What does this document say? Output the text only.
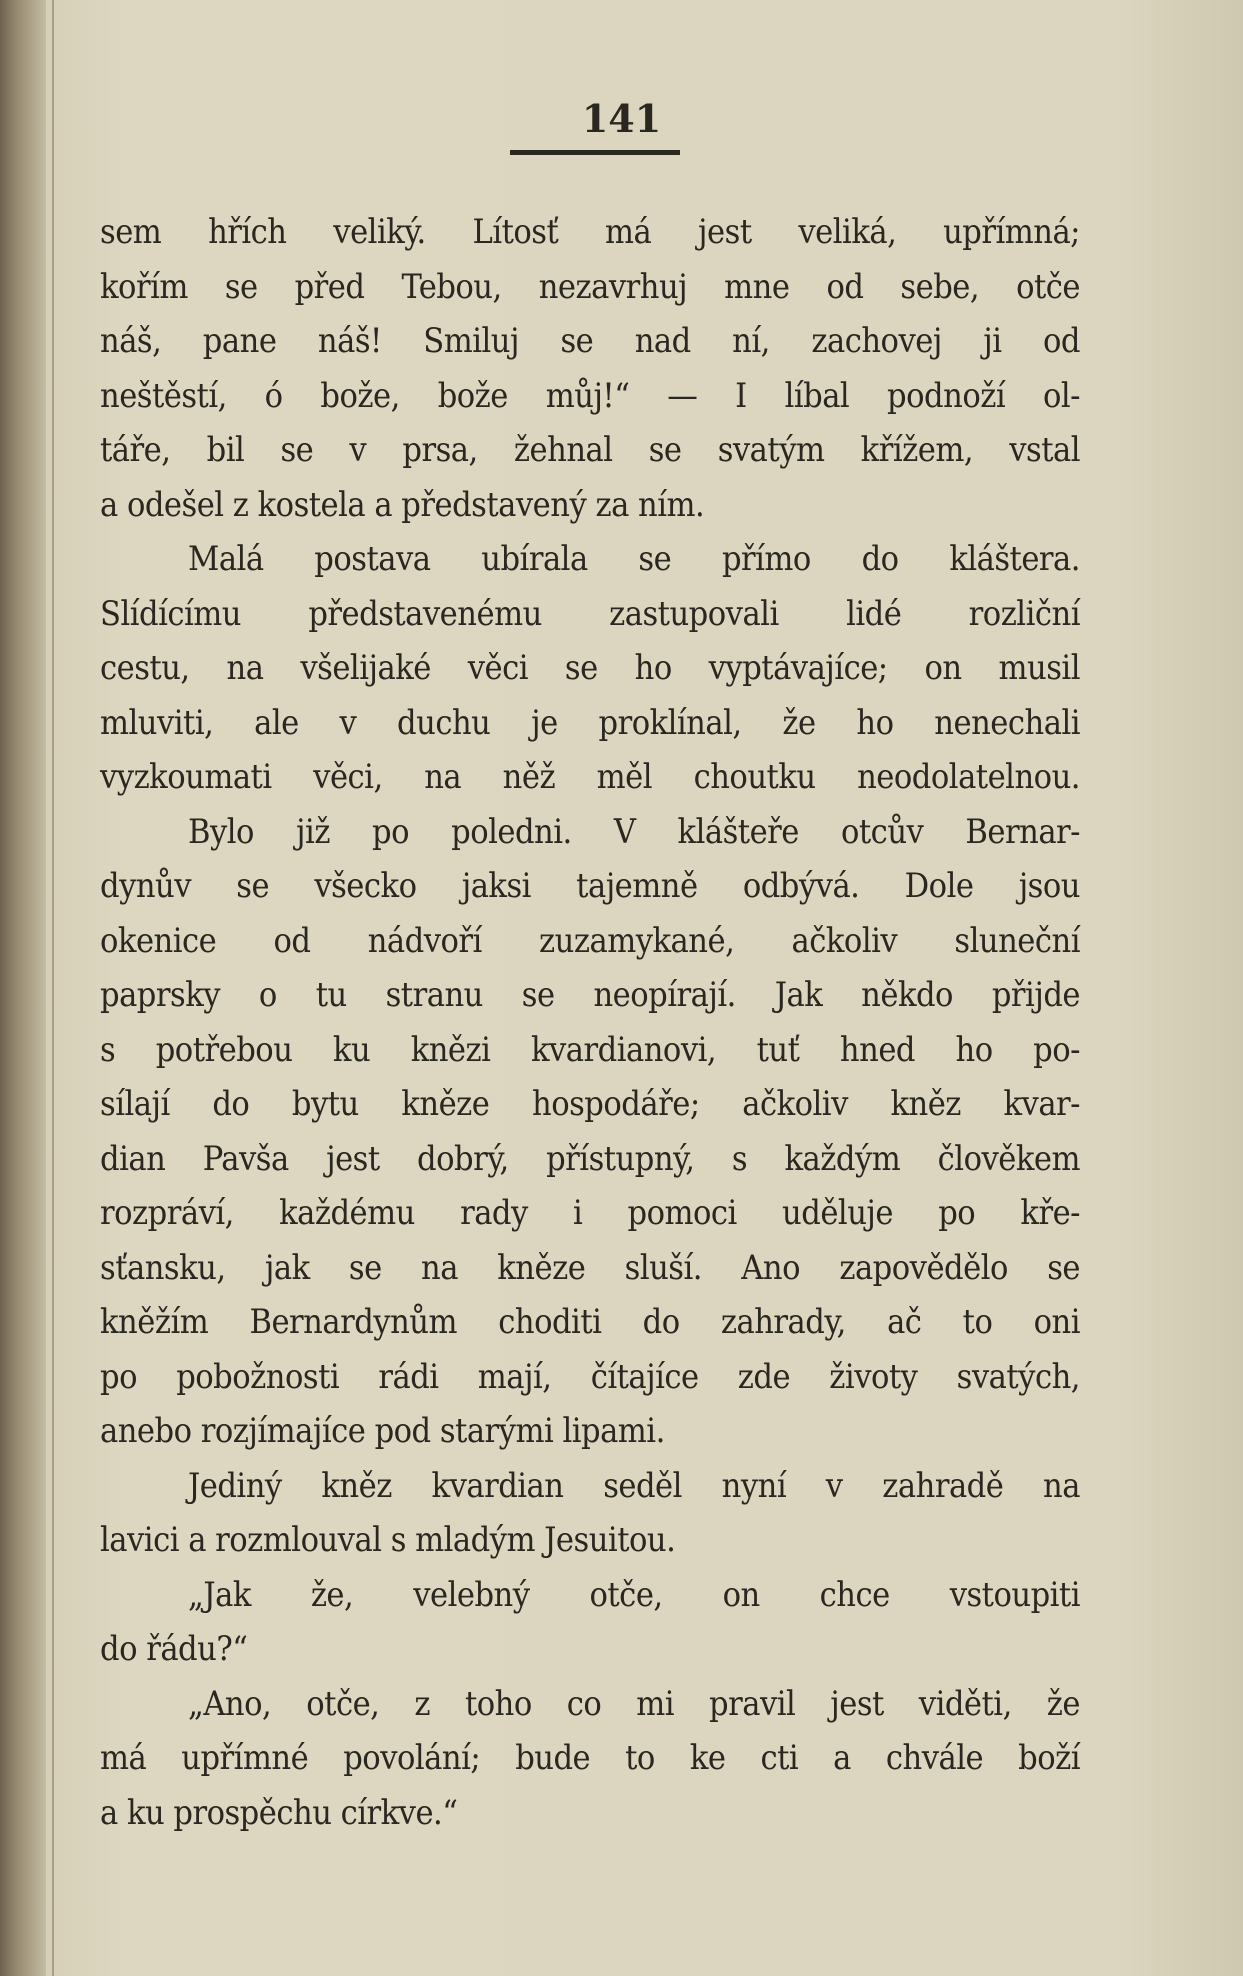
141
sem hřích veliký. Lítosť má jest veliká, upřímná;
kořím se před Tebou, nezavrhuj mne od sebe, otče
náš, pane náš! Smiluj se nad ní, zachovej ji od
neštěstí, ó bože, bože můj!“ — I líbal podnoží ol-
táře, bil se v prsa, žehnal se svatým křížem, vstal
a odešel z kostela a představený za ním.
Malá postava ubírala se přímo do kláštera.
Slídícímu představenému zastupovali lidé rozliční
cestu, na všelijaké věci se ho vyptávajíce; on musil
mluviti, ale v duchu je proklínal, že ho nenechali
vyzkoumati věci, na něž měl choutku neodolatelnou.
Bylo již po poledni. V klášteře otcův Bernar-
dynův se všecko jaksi tajemně odbývá. Dole jsou
okenice od nádvoří zuzamykané, ačkoliv sluneční
paprsky o tu stranu se neopírají. Jak někdo přijde
s potřebou ku knězi kvardianovi, tuť hned ho po-
sílají do bytu kněze hospodáře; ačkoliv kněz kvar-
dian Pavša jest dobrý, přístupný, s každým člověkem
rozpráví, každému rady i pomoci uděluje po kře-
sťansku, jak se na kněze sluší. Ano zapovědělo se
kněžím Bernardynům choditi do zahrady, ač to oni
po pobožnosti rádi mají, čítajíce zde životy svatých,
anebo rozjímajíce pod starými lipami.
Jediný kněz kvardian seděl nyní v zahradě na
lavici a rozmlouval s mladým Jesuitou.
„Jak že, velebný otče, on chce vstoupiti
do řádu?“
„Ano, otče, z toho co mi pravil jest viděti, že
má upřímné povolání; bude to ke cti a chvále boží
a ku prospěchu církve.“
